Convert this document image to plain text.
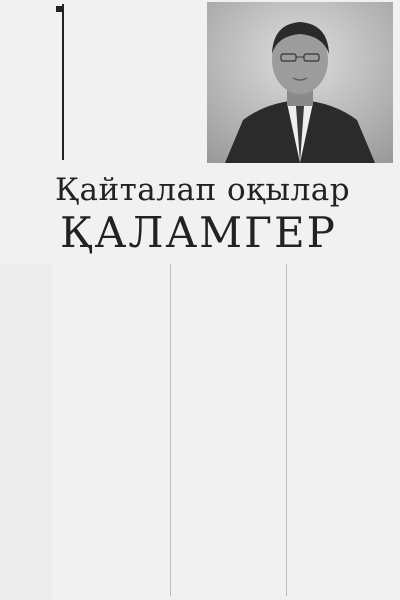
Қайталап оқылар
ҚАЛАМГЕР
